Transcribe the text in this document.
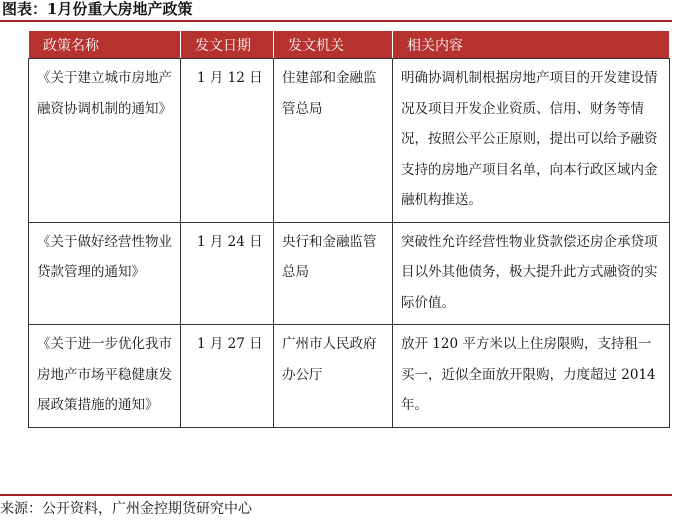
图表：1月份重大房地产政策
政策名称	发文日期	发文机关	相关内容
《关于建立城市房地产融资协调机制的通知》	1 月 12 日	住建部和金融监管总局	明确协调机制根据房地产项目的开发建设情况及项目开发企业资质、信用、财务等情况，按照公平公正原则，提出可以给予融资支持的房地产项目名单，向本行政区域内金融机构推送。
《关于做好经营性物业贷款管理的通知》	1 月 24 日	央行和金融监管总局	突破性允许经营性物业贷款偿还房企承贷项目以外其他债务，极大提升此方式融资的实际价值。
《关于进一步优化我市房地产市场平稳健康发展政策措施的通知》	1 月 27 日	广州市人民政府办公厅	放开 120 平方米以上住房限购，支持租一买一，近似全面放开限购，力度超过 2014 年。
来源：公开资料，广州金控期货研究中心
